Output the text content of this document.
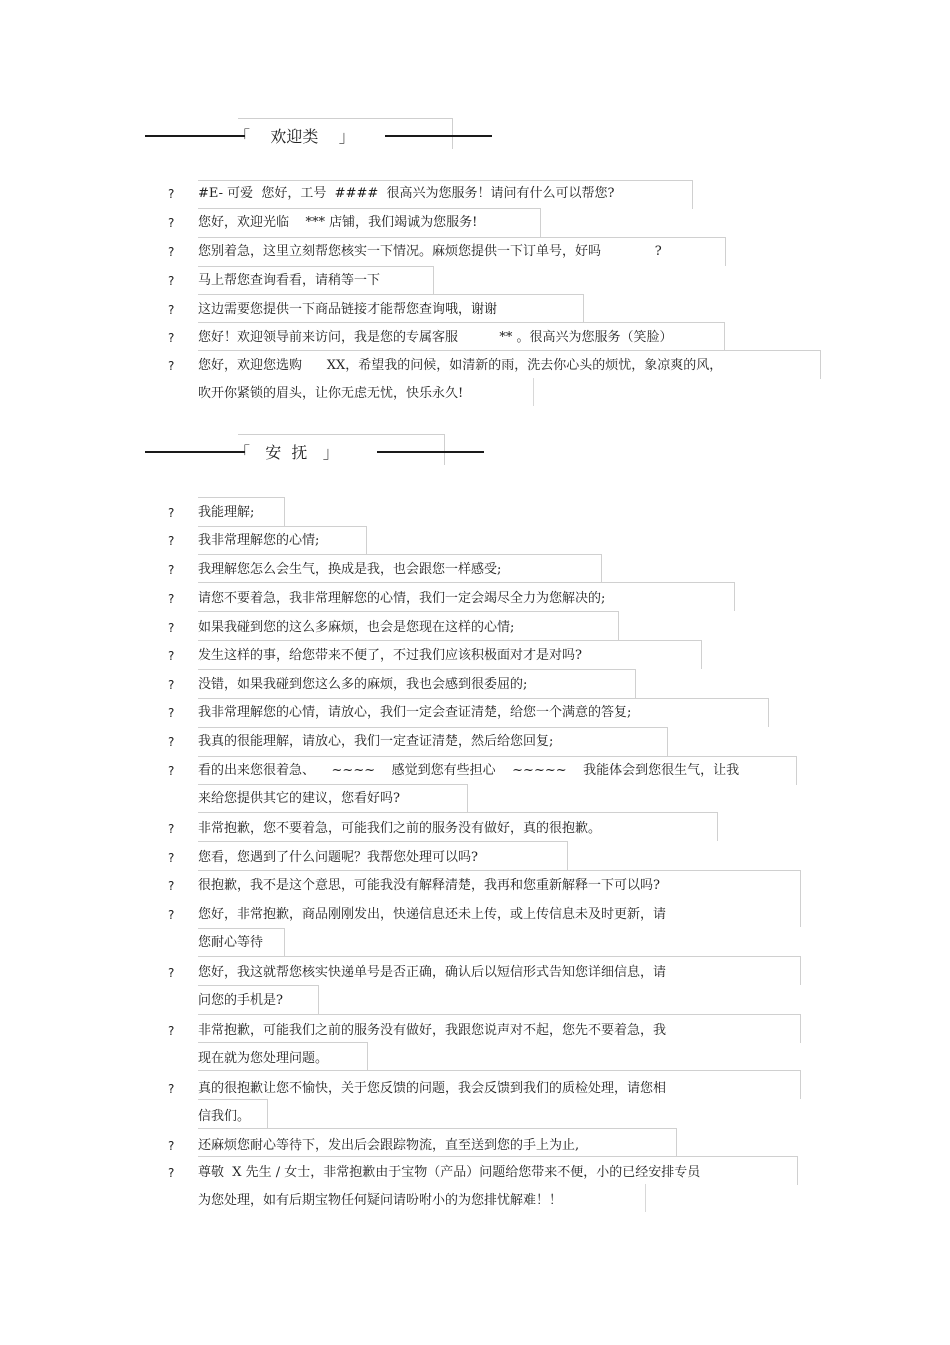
「    欢迎类    」
? #E- 可爱  您好，工号  ####  很高兴为您服务！请问有什么可以帮您?
? 您好，欢迎光临    *** 店铺，我们竭诚为您服务!
? 您别着急，这里立刻帮您核实一下情况。麻烦您提供一下订单号，好吗             ?
? 马上帮您查询看看，请稍等一下
? 这边需要您提供一下商品链接才能帮您查询哦，谢谢
? 您好！欢迎领导前来访问，我是您的专属客服          ** 。很高兴为您服务（笑脸）
? 您好，欢迎您选购      XX，希望我的问候，如清新的雨，洗去你心头的烦忧，象凉爽的风，
吹开你紧锁的眉头，让你无虑无忧，快乐永久!
「   安  抚   」
? 我能理解;
? 我非常理解您的心情;
? 我理解您怎么会生气，换成是我，也会跟您一样感受;
? 请您不要着急，我非常理解您的心情，我们一定会竭尽全力为您解决的;
? 如果我碰到您的这么多麻烦，也会是您现在这样的心情;
? 发生这样的事，给您带来不便了，不过我们应该积极面对才是对吗?
? 没错，如果我碰到您这么多的麻烦，我也会感到很委屈的;
? 我非常理解您的心情，请放心，我们一定会查证清楚，给您一个满意的答复;
? 我真的很能理解，请放心，我们一定查证清楚，然后给您回复;
? 看的出来您很着急、    ~~~~    感觉到您有些担心    ~~~~~    我能体会到您很生气，让我
来给您提供其它的建议，您看好吗?
? 非常抱歉，您不要着急，可能我们之前的服务没有做好，真的很抱歉。
? 您看，您遇到了什么问题呢？我帮您处理可以吗?
? 很抱歉，我不是这个意思，可能我没有解释清楚，我再和您重新解释一下可以吗?
? 您好，非常抱歉，商品刚刚发出，快递信息还未上传，或上传信息未及时更新，请
您耐心等待
? 您好，我这就帮您核实快递单号是否正确，确认后以短信形式告知您详细信息，请
问您的手机是?
? 非常抱歉，可能我们之前的服务没有做好，我跟您说声对不起，您先不要着急，我
现在就为您处理问题。
? 真的很抱歉让您不愉快，关于您反馈的问题，我会反馈到我们的质检处理，请您相
信我们。
? 还麻烦您耐心等待下，发出后会跟踪物流，直至送到您的手上为止,
? 尊敬  X 先生 / 女士，非常抱歉由于宝物（产品）问题给您带来不便，小的已经安排专员
为您处理，如有后期宝物任何疑问请吩咐小的为您排忧解难！！
